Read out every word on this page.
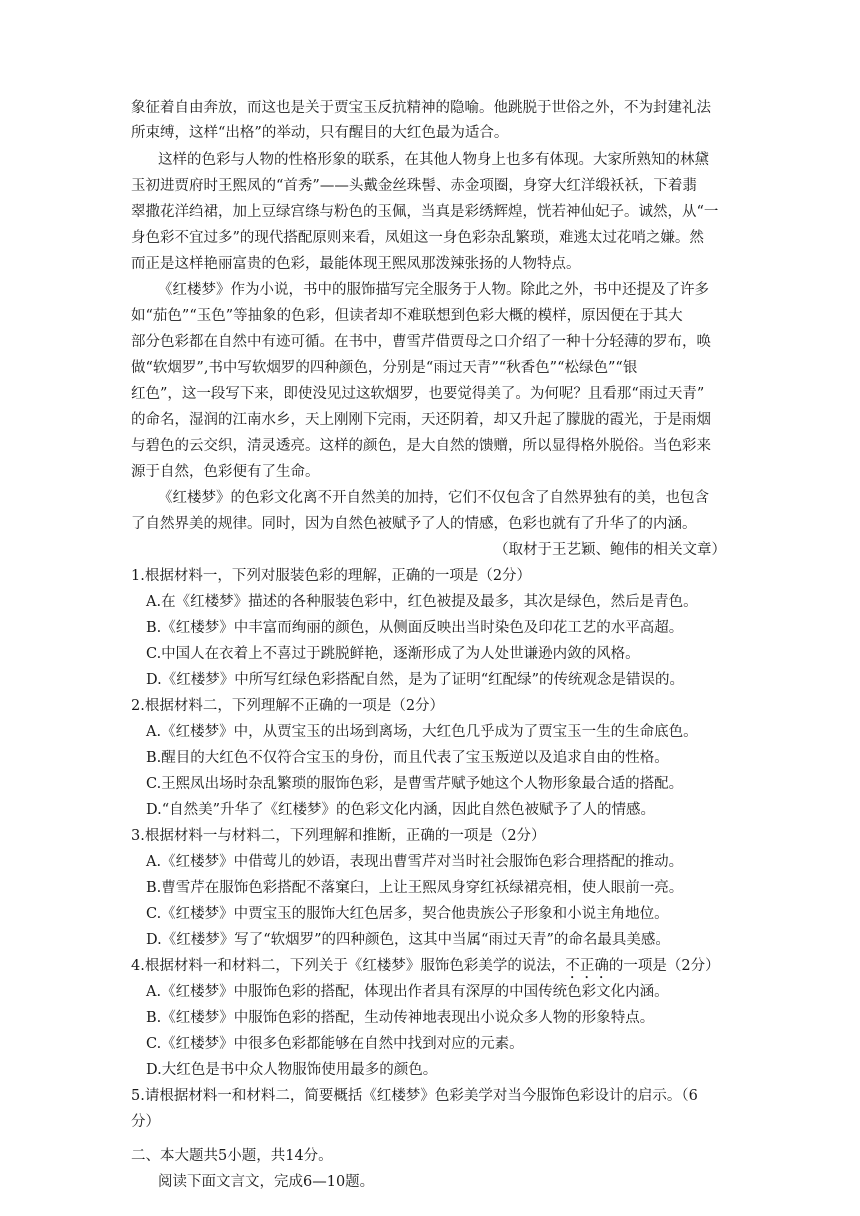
象征着自由奔放，而这也是关于贾宝玉反抗精神的隐喻。他跳脱于世俗之外，不为封建礼法
所束缚，这样“出格”的举动，只有醒目的大红色最为适合。
这样的色彩与人物的性格形象的联系，在其他人物身上也多有体现。大家所熟知的林黛
玉初进贾府时王熙凤的“首秀”——头戴金丝珠髻、赤金项圈，身穿大红洋缎袄袄，下着翡
翠撒花洋绉裙，加上豆绿宫绦与粉色的玉佩，当真是彩绣辉煌，恍若神仙妃子。诚然，从“一
身色彩不宜过多”的现代搭配原则来看，凤姐这一身色彩杂乱繁琐，难逃太过花哨之嫌。然
而正是这样艳丽富贵的色彩，最能体现王熙凤那泼辣张扬的人物特点。
《红楼梦》作为小说，书中的服饰描写完全服务于人物。除此之外，书中还提及了许多
如“茄色”“玉色”等抽象的色彩，但读者却不难联想到色彩大概的模样，原因便在于其大
部分色彩都在自然中有迹可循。在书中，曹雪芹借贾母之口介绍了一种十分轻薄的罗布，唤
做“软烟罗”,书中写软烟罗的四种颜色，分别是“雨过天青”“秋香色”“松绿色”“银
红色”，这一段写下来，即使没见过这软烟罗，也要觉得美了。为何呢？且看那“雨过天青”
的命名，湿润的江南水乡，天上刚刚下完雨，天还阴着，却又升起了朦胧的霞光，于是雨烟
与碧色的云交织，清灵透亮。这样的颜色，是大自然的馈赠，所以显得格外脱俗。当色彩来
源于自然，色彩便有了生命。
《红楼梦》的色彩文化离不开自然美的加持，它们不仅包含了自然界独有的美，也包含
了自然界美的规律。同时，因为自然色被赋予了人的情感，色彩也就有了升华了的内涵。
（取材于王艺颖、鲍伟的相关文章）
1.根据材料一，下列对服装色彩的理解，正确的一项是（2分）
A.在《红楼梦》描述的各种服装色彩中，红色被提及最多，其次是绿色，然后是青色。
B.《红楼梦》中丰富而绚丽的颜色，从侧面反映出当时染色及印花工艺的水平高超。
C.中国人在衣着上不喜过于跳脱鲜艳，逐渐形成了为人处世谦逊内敛的风格。
D.《红楼梦》中所写红绿色彩搭配自然，是为了证明“红配绿”的传统观念是错误的。
2.根据材料二，下列理解不正确的一项是（2分）
A.《红楼梦》中，从贾宝玉的出场到离场，大红色几乎成为了贾宝玉一生的生命底色。
B.醒目的大红色不仅符合宝玉的身份，而且代表了宝玉叛逆以及追求自由的性格。
C.王熙凤出场时杂乱繁琐的服饰色彩，是曹雪芹赋予她这个人物形象最合适的搭配。
D.“自然美”升华了《红楼梦》的色彩文化内涵，因此自然色被赋予了人的情感。
3.根据材料一与材料二，下列理解和推断，正确的一项是（2分）
A.《红楼梦》中借莺儿的妙语，表现出曹雪芹对当时社会服饰色彩合理搭配的推动。
B.曹雪芹在服饰色彩搭配不落窠臼，上让王熙凤身穿红袄绿裙亮相，使人眼前一亮。
C.《红楼梦》中贾宝玉的服饰大红色居多，契合他贵族公子形象和小说主角地位。
D.《红楼梦》写了“软烟罗”的四种颜色，这其中当属“雨过天青”的命名最具美感。
4.根据材料一和材料二，下列关于《红楼梦》服饰色彩美学的说法，不正确的一项是（2分）
A.《红楼梦》中服饰色彩的搭配，体现出作者具有深厚的中国传统色彩文化内涵。
B.《红楼梦》中服饰色彩的搭配，生动传神地表现出小说众多人物的形象特点。
C.《红楼梦》中很多色彩都能够在自然中找到对应的元素。
D.大红色是书中众人物服饰使用最多的颜色。
5.请根据材料一和材料二，简要概括《红楼梦》色彩美学对当今服饰色彩设计的启示。（6
分）
二、本大题共5小题，共14分。
阅读下面文言文，完成6—10题。
